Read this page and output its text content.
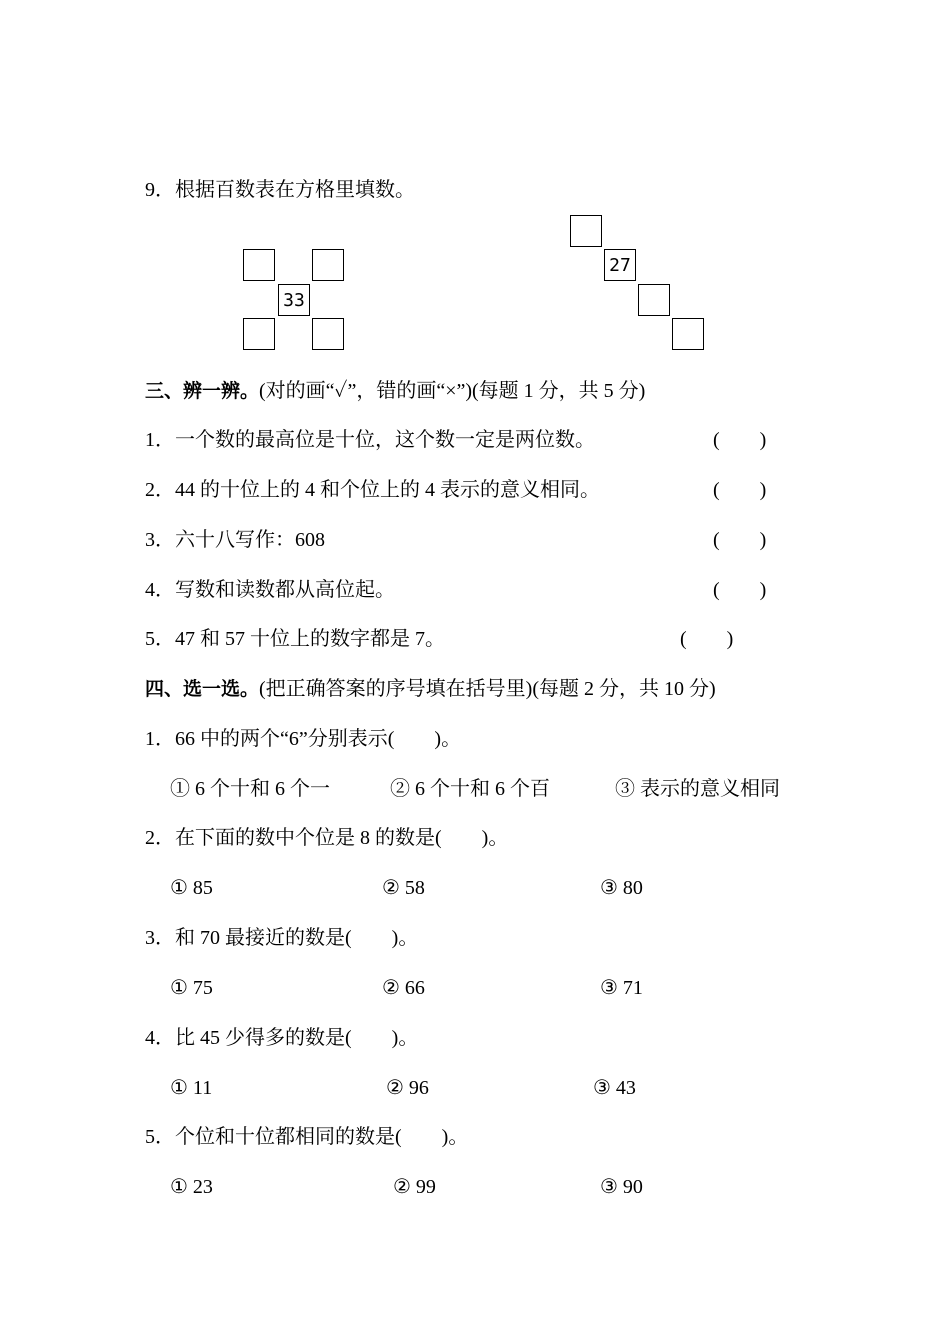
9．根据百数表在方格里填数。
33
27
三、辨一辨。(对的画“✓”，错的画“×”)(每题 1 分，共 5 分)
1．一个数的最高位是十位，这个数一定是两位数。	(　　)
2．44 的十位上的 4 和个位上的 4 表示的意义相同。	(　　)
3．六十八写作：608	(　　)
4．写数和读数都从高位起。	(　　)
5．47 和 57 十位上的数字都是 7。	(　　)
四、选一选。(把正确答案的序号填在括号里)(每题 2 分，共 10 分)
1．66 中的两个“6”分别表示(　　)。
① 6 个十和 6 个一	② 6 个十和 6 个百	③ 表示的意义相同
2．在下面的数中个位是 8 的数是(　　)。
① 85	② 58	③ 80
3．和 70 最接近的数是(　　)。
① 75	② 66	③ 71
4．比 45 少得多的数是(　　)。
① 11	② 96	③ 43
5．个位和十位都相同的数是(　　)。
① 23	② 99	③ 90
